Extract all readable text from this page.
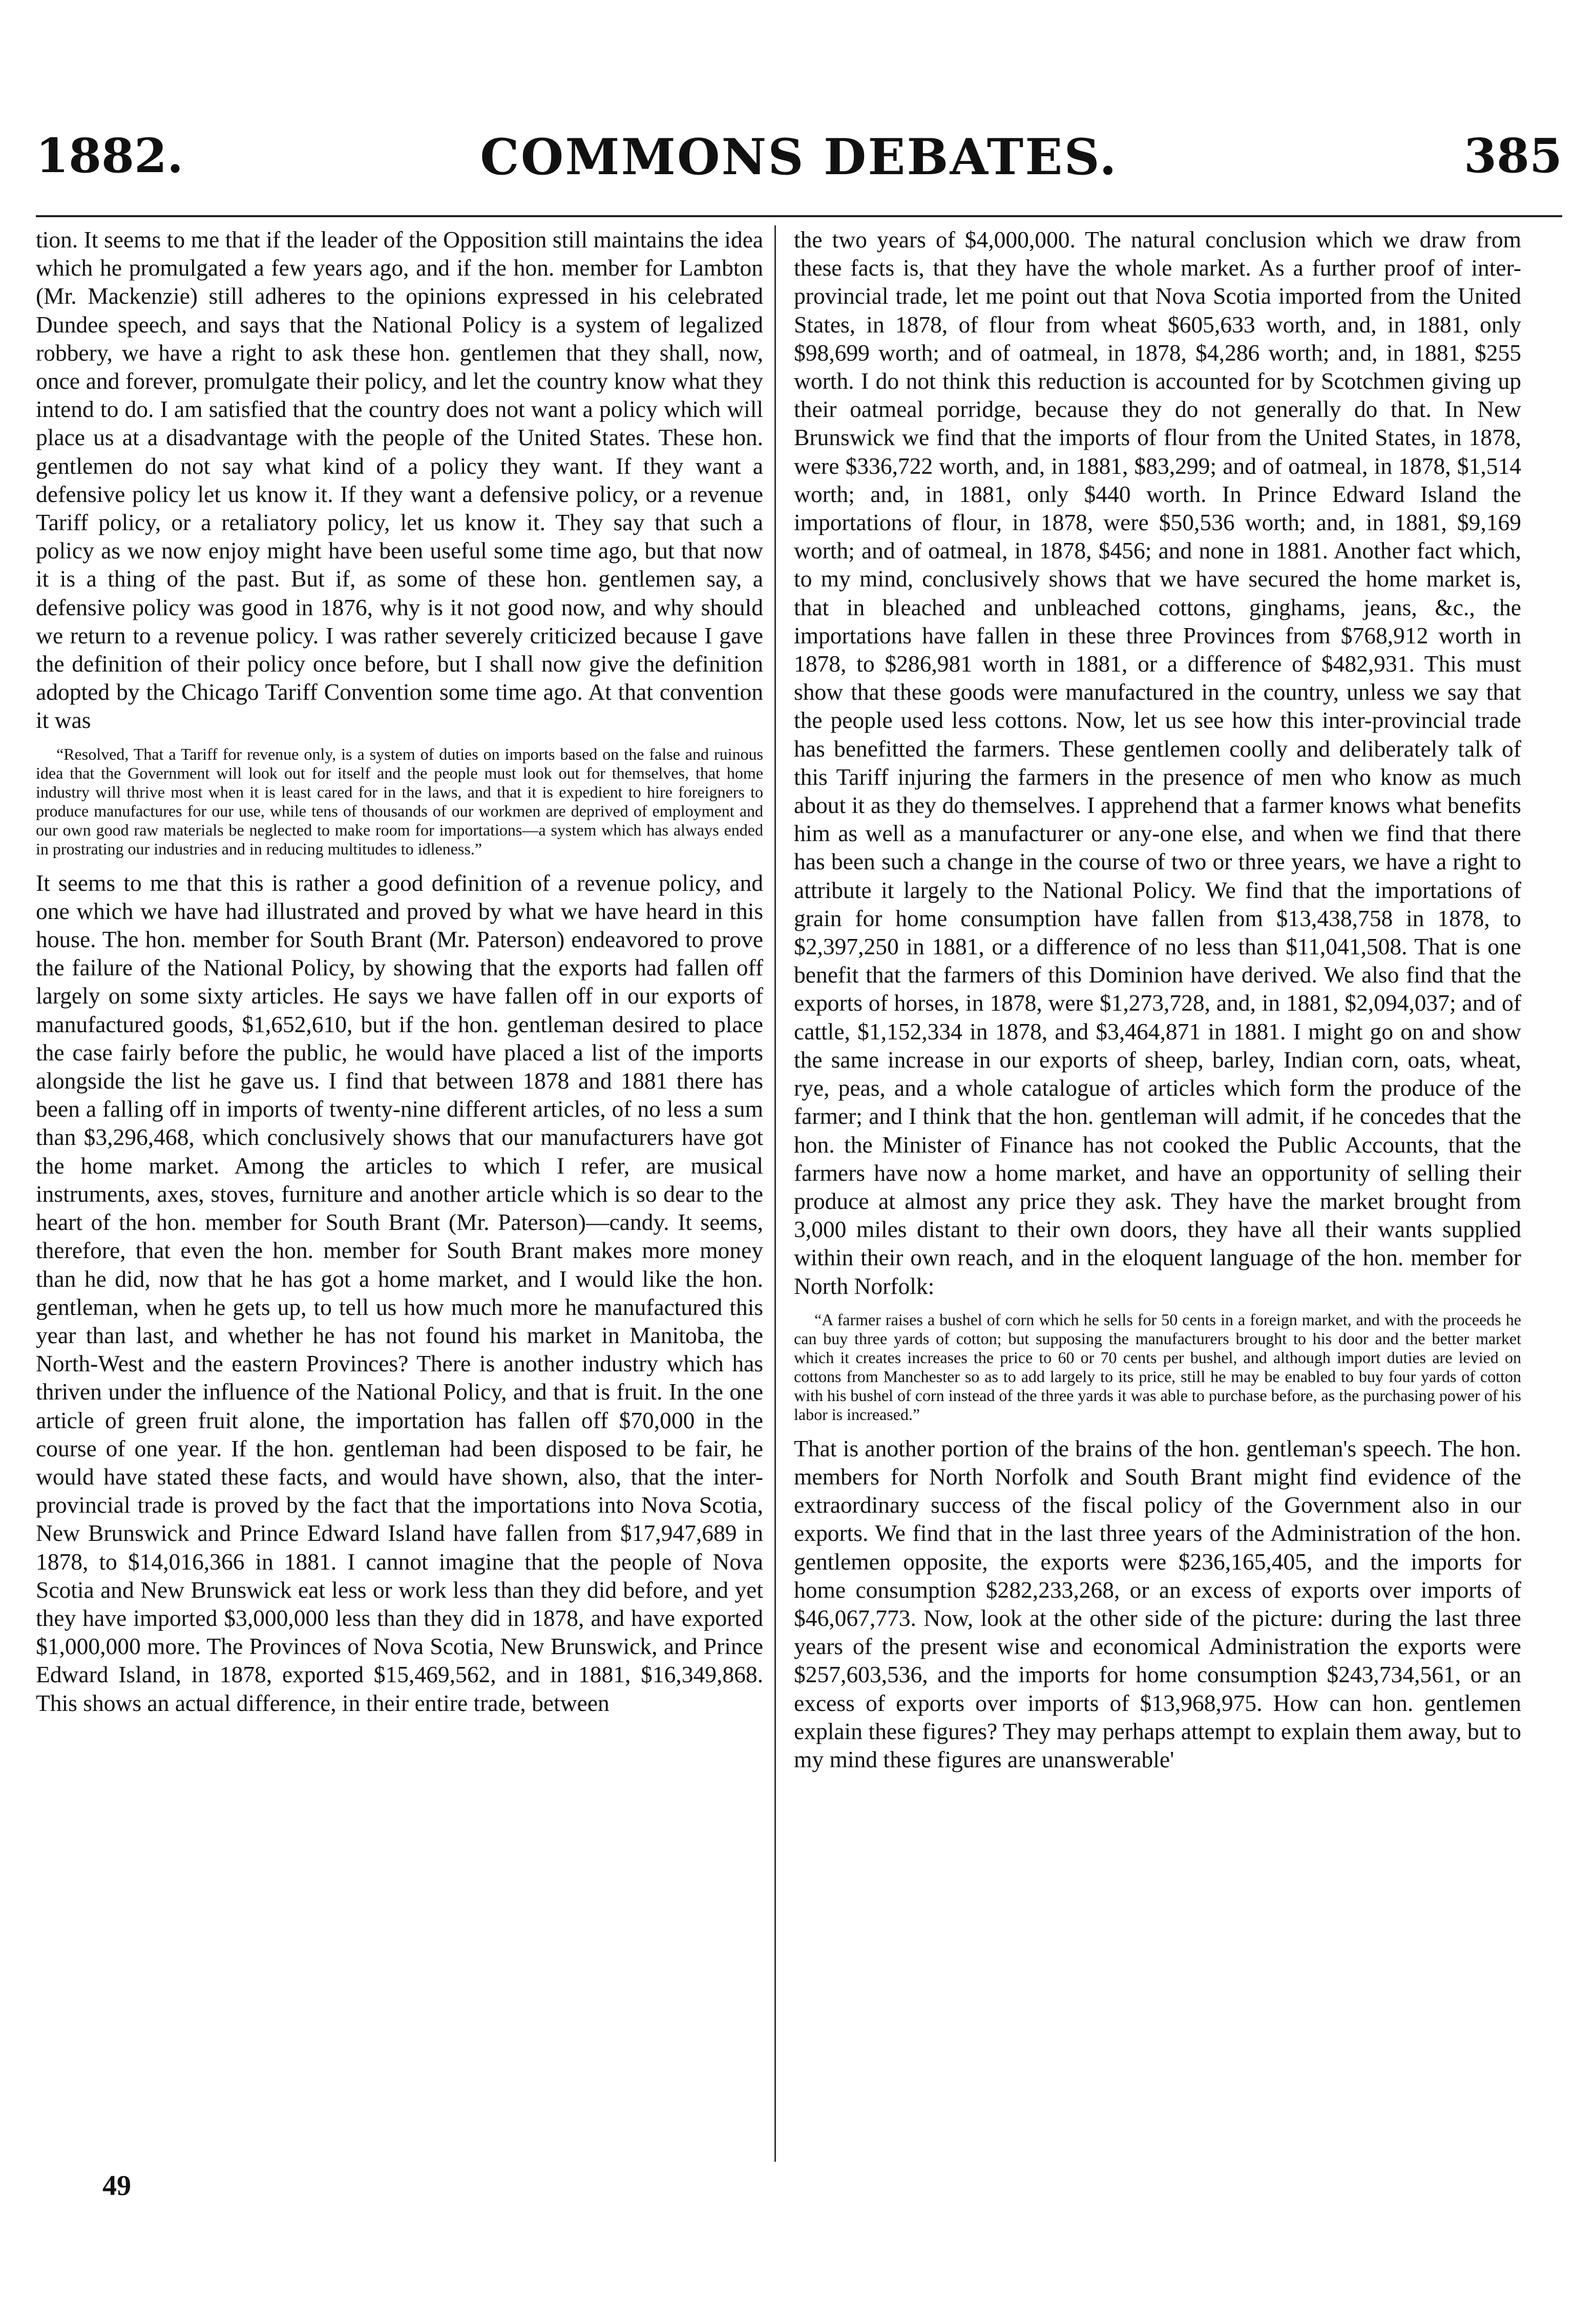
1882.	COMMONS DEBATES.	385

tion. It seems to me that if the leader of the Opposition still maintains the idea which he promulgated a few years ago, and if the hon. member for Lambton (Mr. Mackenzie) still adheres to the opinions expressed in his celebrated Dundee speech, and says that the National Policy is a system of legalized robbery, we have a right to ask these hon. gentlemen that they shall, now, once and forever, promulgate their policy, and let the country know what they intend to do. I am satisfied that the country does not want a policy which will place us at a disadvantage with the people of the United States. These hon. gentlemen do not say what kind of a policy they want. If they want a defensive policy let us know it. If they want a defensive policy, or a revenue Tariff policy, or a retaliatory policy, let us know it. They say that such a policy as we now enjoy might have been useful some time ago, but that now it is a thing of the past. But if, as some of these hon. gentlemen say, a defensive policy was good in 1876, why is it not good now, and why should we return to a revenue policy. I was rather severely criticized because I gave the definition of their policy once before, but I shall now give the definition adopted by the Chicago Tariff Convention some time ago. At that convention it was

“Resolved, That a Tariff for revenue only, is a system of duties on imports based on the false and ruinous idea that the Government will look out for itself and the people must look out for themselves, that home industry will thrive most when it is least cared for in the laws, and that it is expedient to hire foreigners to produce manufactures for our use, while tens of thousands of our workmen are deprived of employment and our own good raw materials be neglected to make room for importations—a system which has always ended in prostrating our industries and in reducing multitudes to idleness.”

It seems to me that this is rather a good definition of a revenue policy, and one which we have had illustrated and proved by what we have heard in this house. The hon. member for South Brant (Mr. Paterson) endeavored to prove the failure of the National Policy, by showing that the exports had fallen off largely on some sixty articles. He says we have fallen off in our exports of manufactured goods, $1,652,610, but if the hon. gentleman desired to place the case fairly before the public, he would have placed a list of the imports alongside the list he gave us. I find that between 1878 and 1881 there has been a falling off in imports of twenty-nine different articles, of no less a sum than $3,296,468, which conclusively shows that our manufacturers have got the home market. Among the articles to which I refer, are musical instruments, axes, stoves, furniture and another article which is so dear to the heart of the hon. member for South Brant (Mr. Paterson)—candy. It seems, therefore, that even the hon. member for South Brant makes more money than he did, now that he has got a home market, and I would like the hon. gentleman, when he gets up, to tell us how much more he manufactured this year than last, and whether he has not found his market in Manitoba, the North-West and the eastern Provinces? There is another industry which has thriven under the influence of the National Policy, and that is fruit. In the one article of green fruit alone, the importation has fallen off $70,000 in the course of one year. If the hon. gentleman had been disposed to be fair, he would have stated these facts, and would have shown, also, that the inter-provincial trade is proved by the fact that the importations into Nova Scotia, New Brunswick and Prince Edward Island have fallen from $17,947,689 in 1878, to $14,016,366 in 1881. I cannot imagine that the people of Nova Scotia and New Brunswick eat less or work less than they did before, and yet they have imported $3,000,000 less than they did in 1878, and have exported $1,000,000 more. The Provinces of Nova Scotia, New Brunswick, and Prince Edward Island, in 1878, exported $15,469,562, and in 1881, $16,349,868. This shows an actual difference, in their entire trade, between

the two years of $4,000,000. The natural conclusion which we draw from these facts is, that they have the whole market. As a further proof of inter-provincial trade, let me point out that Nova Scotia imported from the United States, in 1878, of flour from wheat $605,633 worth, and, in 1881, only $98,699 worth; and of oatmeal, in 1878, $4,286 worth; and, in 1881, $255 worth. I do not think this reduction is accounted for by Scotchmen giving up their oatmeal porridge, because they do not generally do that. In New Brunswick we find that the imports of flour from the United States, in 1878, were $336,722 worth, and, in 1881, $83,299; and of oatmeal, in 1878, $1,514 worth; and, in 1881, only $440 worth. In Prince Edward Island the importations of flour, in 1878, were $50,536 worth; and, in 1881, $9,169 worth; and of oatmeal, in 1878, $456; and none in 1881. Another fact which, to my mind, conclusively shows that we have secured the home market is, that in bleached and unbleached cottons, ginghams, jeans, &c., the importations have fallen in these three Provinces from $768,912 worth in 1878, to $286,981 worth in 1881, or a difference of $482,931. This must show that these goods were manufactured in the country, unless we say that the people used less cottons. Now, let us see how this inter-provincial trade has benefitted the farmers. These gentlemen coolly and deliberately talk of this Tariff injuring the farmers in the presence of men who know as much about it as they do themselves. I apprehend that a farmer knows what benefits him as well as a manufacturer or any-one else, and when we find that there has been such a change in the course of two or three years, we have a right to attribute it largely to the National Policy. We find that the importations of grain for home consumption have fallen from $13,438,758 in 1878, to $2,397,250 in 1881, or a difference of no less than $11,041,508. That is one benefit that the farmers of this Dominion have derived. We also find that the exports of horses, in 1878, were $1,273,728, and, in 1881, $2,094,037; and of cattle, $1,152,334 in 1878, and $3,464,871 in 1881. I might go on and show the same increase in our exports of sheep, barley, Indian corn, oats, wheat, rye, peas, and a whole catalogue of articles which form the produce of the farmer; and I think that the hon. gentleman will admit, if he concedes that the hon. the Minister of Finance has not cooked the Public Accounts, that the farmers have now a home market, and have an opportunity of selling their produce at almost any price they ask. They have the market brought from 3,000 miles distant to their own doors, they have all their wants supplied within their own reach, and in the eloquent language of the hon. member for North Norfolk:

“A farmer raises a bushel of corn which he sells for 50 cents in a foreign market, and with the proceeds he can buy three yards of cotton; but supposing the manufacturers brought to his door and the better market which it creates increases the price to 60 or 70 cents per bushel, and although import duties are levied on cottons from Manchester so as to add largely to its price, still he may be enabled to buy four yards of cotton with his bushel of corn instead of the three yards it was able to purchase before, as the purchasing power of his labor is increased.”

That is another portion of the brains of the hon. gentleman's speech. The hon. members for North Norfolk and South Brant might find evidence of the extraordinary success of the fiscal policy of the Government also in our exports. We find that in the last three years of the Administration of the hon. gentlemen opposite, the exports were $236,165,405, and the imports for home consumption $282,233,268, or an excess of exports over imports of $46,067,773. Now, look at the other side of the picture: during the last three years of the present wise and economical Administration the exports were $257,603,536, and the imports for home consumption $243,734,561, or an excess of exports over imports of $13,968,975. How can hon. gentlemen explain these figures? They may perhaps attempt to explain them away, but to my mind these figures are unanswerable'

49
